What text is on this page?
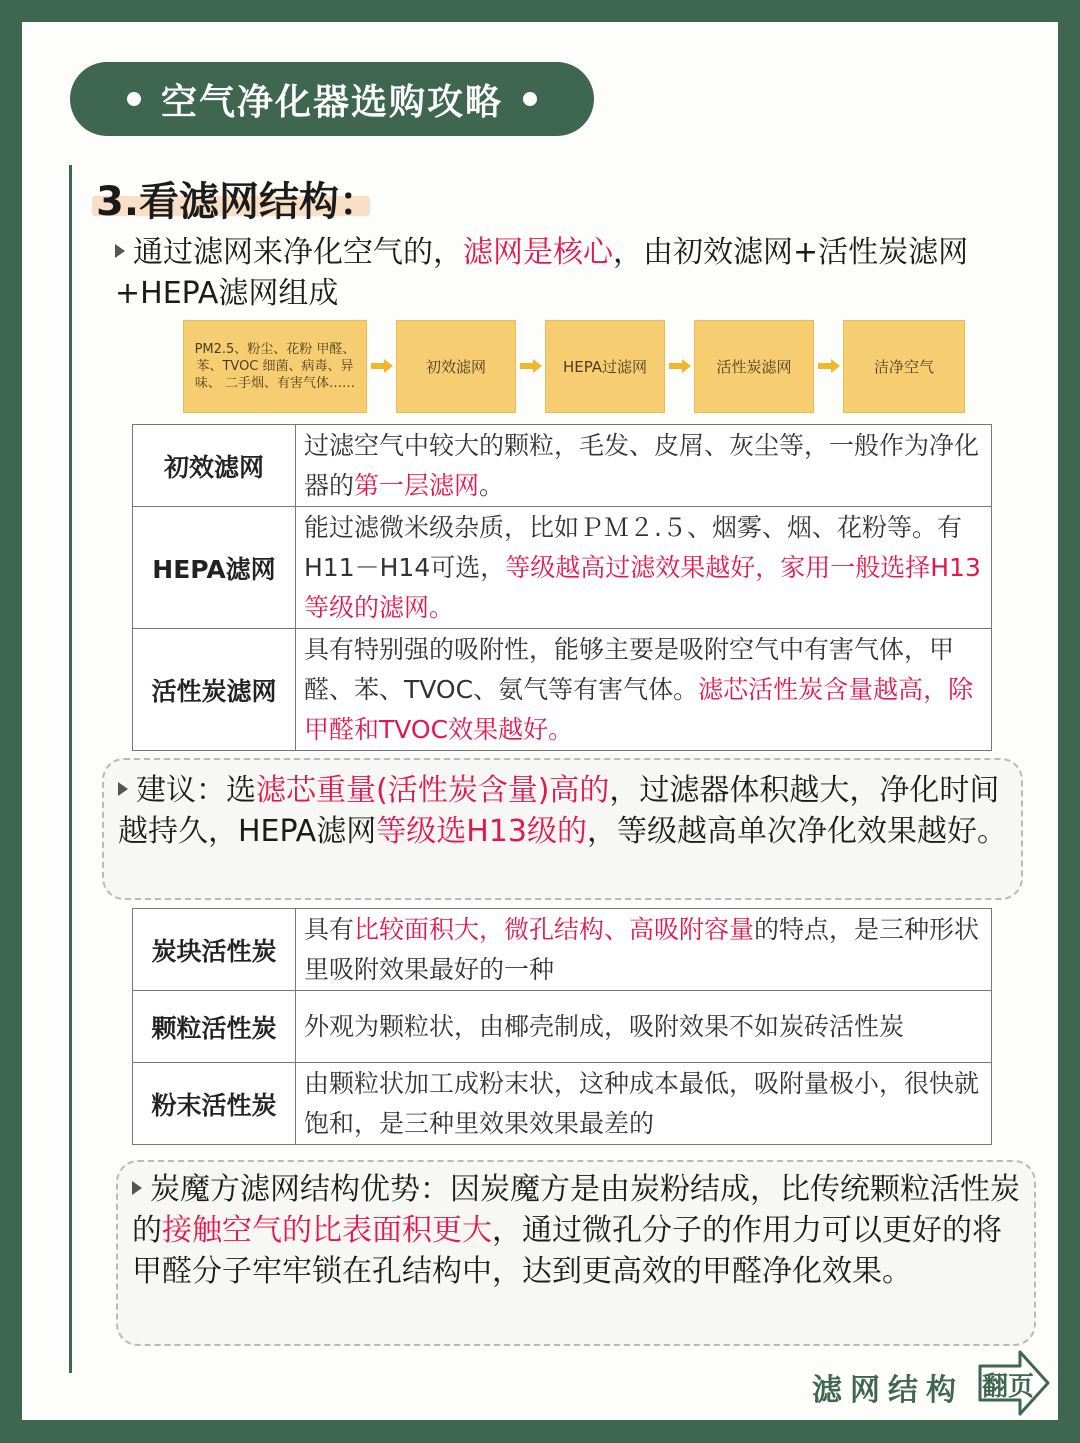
空气净化器选购攻略
3.看滤网结构：

通过滤网来净化空气的，滤网是核心，由初效滤网+活性炭滤网+HEPA滤网组成

PM2.5、粉尘、花粉 甲醛、苯、TVOC 细菌、病毒、异味、 二手烟、有害气体……
初效滤网	HEPA过滤网	活性炭滤网	洁净空气
初效滤网	过滤空气中较大的颗粒，毛发、皮屑、灰尘等，一般作为净化器的第一层滤网。
HEPA滤网	能过滤微米级杂质，比如ＰＭ２.５、烟雾、烟、花粉等。有H11－H14可选，等级越高过滤效果越好，家用一般选择H13等级的滤网。
活性炭滤网	具有特别强的吸附性，能够主要是吸附空气中有害气体，甲醛、苯、TVOC、氨气等有害气体。滤芯活性炭含量越高，除甲醛和TVOC效果越好。

建议：选滤芯重量(活性炭含量)高的，过滤器体积越大，净化时间越持久，HEPA滤网等级选H13级的，等级越高单次净化效果越好。

炭块活性炭	具有比较面积大，微孔结构、高吸附容量的特点，是三种形状里吸附效果最好的一种
颗粒活性炭	外观为颗粒状，由椰壳制成，吸附效果不如炭砖活性炭
粉末活性炭	由颗粒状加工成粉末状，这种成本最低，吸附量极小，很快就饱和，是三种里效果效果最差的

炭魔方滤网结构优势：因炭魔方是由炭粉结成，比传统颗粒活性炭的接触空气的比表面积更大，通过微孔分子的作用力可以更好的将甲醛分子牢牢锁在孔结构中，达到更高效的甲醛净化效果。

滤网结构 翻页
